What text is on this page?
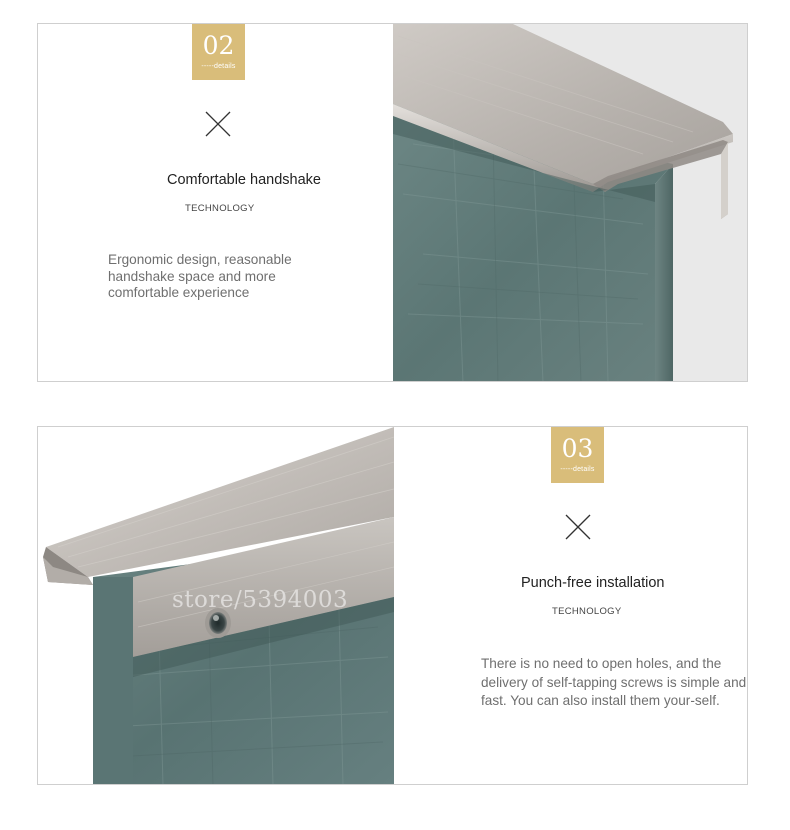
02
-----details
Comfortable handshake
TECHNOLOGY
Ergonomic design, reasonable handshake space and more comfortable experience
store/5394003
03
-----details
Punch-free installation
TECHNOLOGY
There is no need to open holes, and the delivery of self-tapping screws is simple and fast. You can also install them your-self.
